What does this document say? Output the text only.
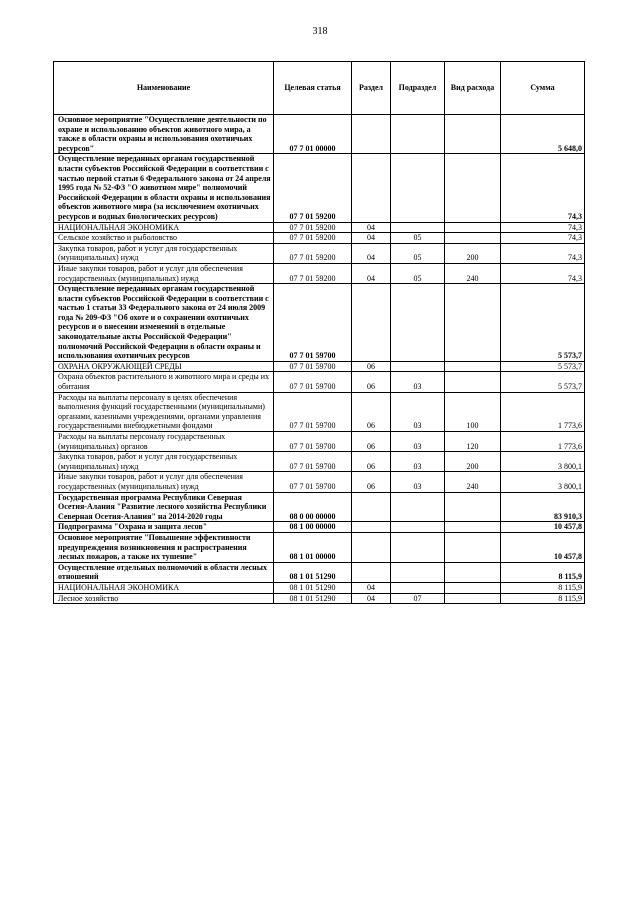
318
Наименование	Целевая статья	Раздел	Подраздел	Вид расхода	Сумма
Основное мероприятие "Осуществление деятельности по охране и использованию объектов животного мира, а также в области охраны и использования охотничьих ресурсов"	07 7 01 00000				5 648,0
Осуществление переданных органам государственной власти субъектов Российской Федерации в соответствии с частью первой статьи 6 Федерального закона от 24 апреля 1995 года № 52-ФЗ "О животном мире" полномочий Российской Федерации в области охраны и использования объектов животного мира (за исключением охотничьих ресурсов и водных биологических ресурсов)	07 7 01 59200				74,3
НАЦИОНАЛЬНАЯ ЭКОНОМИКА	07 7 01 59200	04			74,3
Сельское хозяйство и рыболовство	07 7 01 59200	04	05		74,3
Закупка товаров, работ и услуг для государственных (муниципальных) нужд	07 7 01 59200	04	05	200	74,3
Иные закупки товаров, работ и услуг для обеспечения государственных (муниципальных) нужд	07 7 01 59200	04	05	240	74,3
Осуществление переданных органам государственной власти субъектов Российской Федерации в соответствии с частью 1 статьи 33 Федерального закона от 24 июля 2009 года № 209-ФЗ "Об охоте и о сохранении охотничьих ресурсов и о внесении изменений в отдельные законодательные акты Российской Федерации" полномочий Российской Федерации в области охраны и использования охотничьих ресурсов	07 7 01 59700				5 573,7
ОХРАНА ОКРУЖАЮЩЕЙ СРЕДЫ	07 7 01 59700	06			5 573,7
Охрана объектов растительного и животного мира и среды их обитания	07 7 01 59700	06	03		5 573,7
Расходы на выплаты персоналу в целях обеспечения выполнения функций государственными (муниципальными) органами, казенными учреждениями, органами управления государственными внебюджетными фондами	07 7 01 59700	06	03	100	1 773,6
Расходы на выплаты персоналу государственных (муниципальных) органов	07 7 01 59700	06	03	120	1 773,6
Закупка товаров, работ и услуг для государственных (муниципальных) нужд	07 7 01 59700	06	03	200	3 800,1
Иные закупки товаров, работ и услуг для обеспечения государственных (муниципальных) нужд	07 7 01 59700	06	03	240	3 800,1
Государственная программа Республики Северная Осетия-Алания "Развитие лесного хозяйства Республики Северная Осетия-Алания" на 2014-2020 годы	08 0 00 00000				83 910,3
Подпрограмма "Охрана и защита лесов"	08 1 00 00000				10 457,8
Основное мероприятие "Повышение эффективности предупреждения возникновения и распространения лесных пожаров, а также их тушение"	08 1 01 00000				10 457,8
Осуществление отдельных полномочий в области лесных отношений	08 1 01 51290				8 115,9
НАЦИОНАЛЬНАЯ ЭКОНОМИКА	08 1 01 51290	04			8 115,9
Лесное хозяйство	08 1 01 51290	04	07		8 115,9
